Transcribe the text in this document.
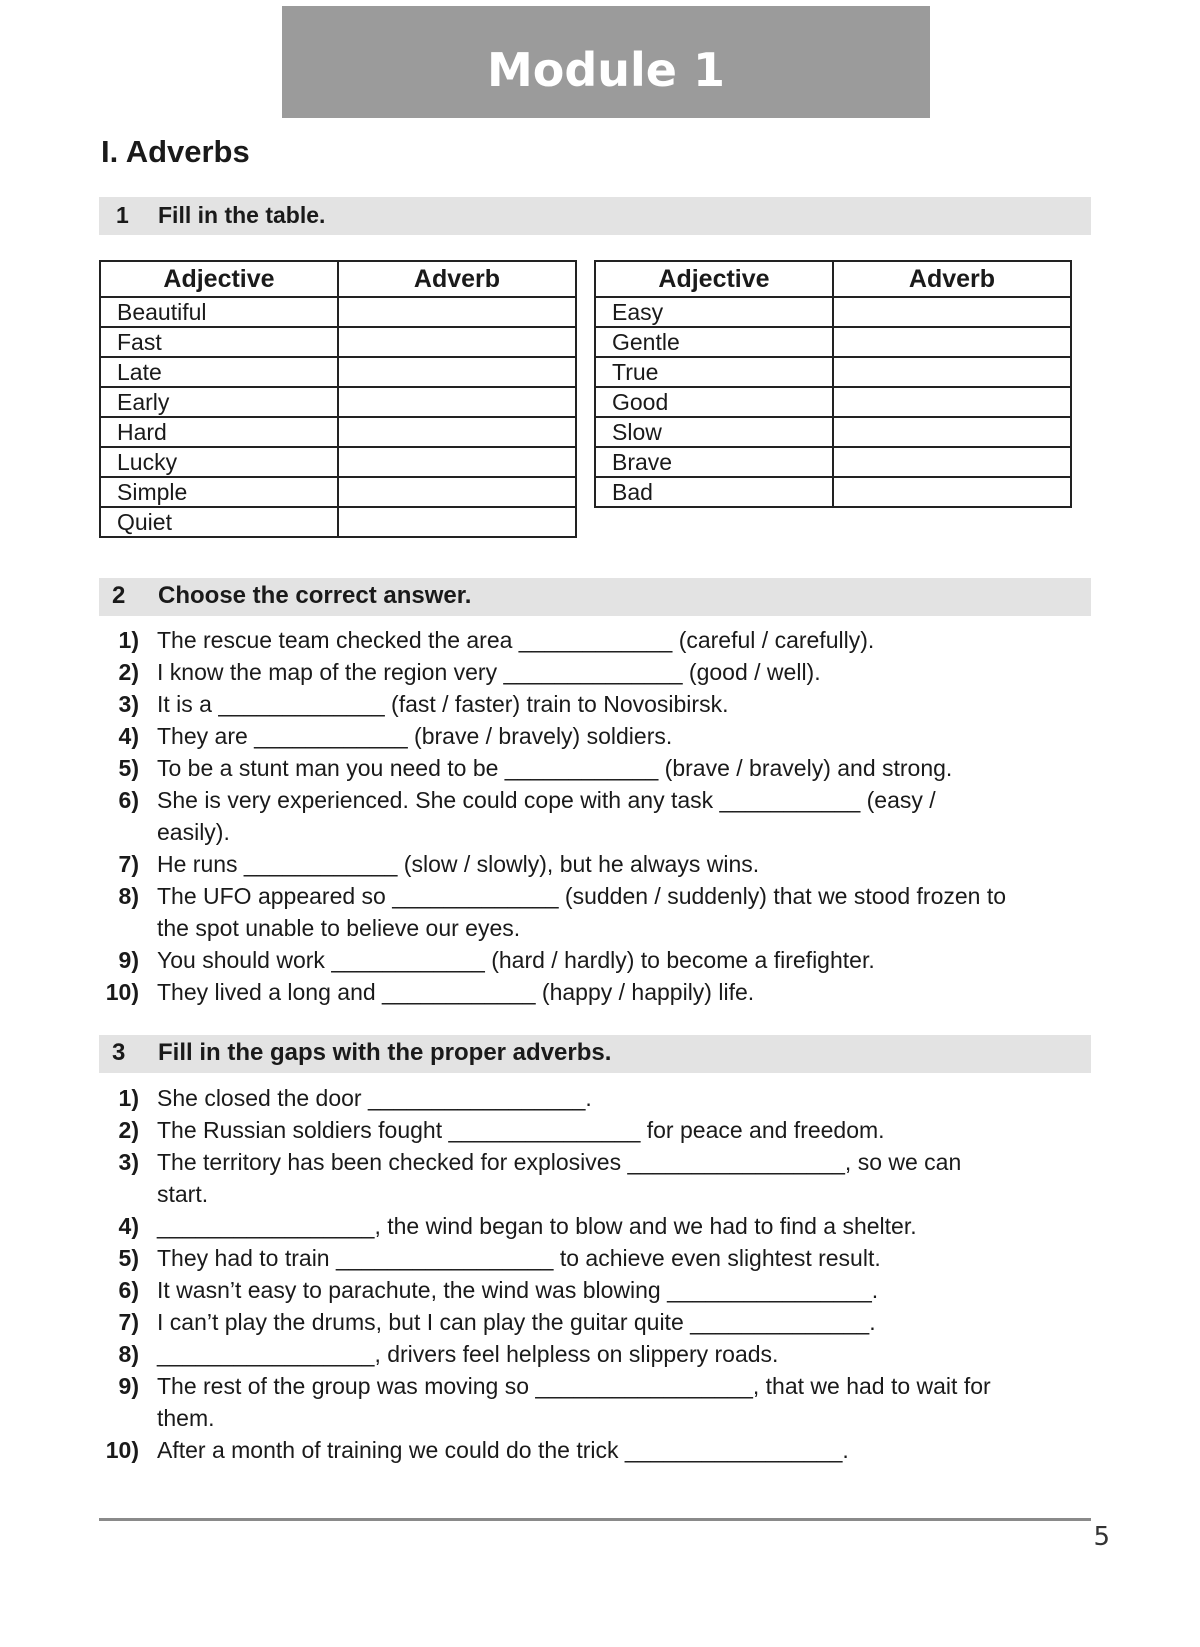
Module 1
I. Adverbs
1 Fill in the table.
Adjective	Adverb
Beautiful	
Fast	
Late	
Early	
Hard	
Lucky	
Simple	
Quiet	
Adjective	Adverb
Easy	
Gentle	
True	
Good	
Slow	
Brave	
Bad	
2 Choose the correct answer.
1) The rescue team checked the area ____________ (careful / carefully).
2) I know the map of the region very ______________ (good / well).
3) It is a _____________ (fast / faster) train to Novosibirsk.
4) They are ____________ (brave / bravely) soldiers.
5) To be a stunt man you need to be ____________ (brave / bravely) and strong.
6) She is very experienced. She could cope with any task ___________ (easy /
easily).
7) He runs ____________ (slow / slowly), but he always wins.
8) The UFO appeared so _____________ (sudden / suddenly) that we stood frozen to
the spot unable to believe our eyes.
9) You should work ____________ (hard / hardly) to become a firefighter.
10) They lived a long and ____________ (happy / happily) life.
3 Fill in the gaps with the proper adverbs.
1) She closed the door _________________.
2) The Russian soldiers fought _______________ for peace and freedom.
3) The territory has been checked for explosives _________________, so we can
start.
4) _________________, the wind began to blow and we had to find a shelter.
5) They had to train _________________ to achieve even slightest result.
6) It wasn’t easy to parachute, the wind was blowing ________________.
7) I can’t play the drums, but I can play the guitar quite ______________.
8) _________________, drivers feel helpless on slippery roads.
9) The rest of the group was moving so _________________, that we had to wait for
them.
10) After a month of training we could do the trick _________________.
5
